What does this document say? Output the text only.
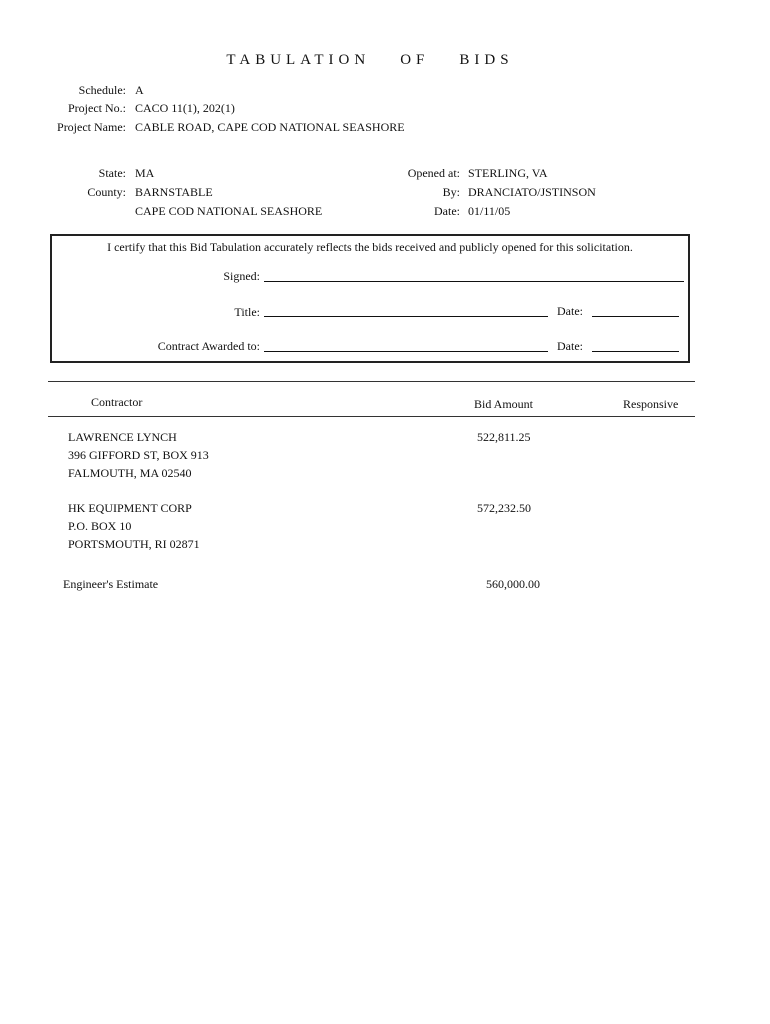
TABULATION OF BIDS
Schedule: A
Project No.: CACO 11(1), 202(1)
Project Name: CABLE ROAD, CAPE COD NATIONAL SEASHORE
State: MA
County: BARNSTABLE
CAPE COD NATIONAL SEASHORE
Opened at: STERLING, VA
By: DRANCIATO/JSTINSON
Date: 01/11/05
I certify that this Bid Tabulation accurately reflects the bids received and publicly opened for this solicitation.
Signed:
Title:	Date:
Contract Awarded to:	Date:
Contractor	Bid Amount	Responsive
LAWRENCE LYNCH
396 GIFFORD ST, BOX 913
FALMOUTH, MA 02540
522,811.25
HK EQUIPMENT CORP
P.O. BOX 10
PORTSMOUTH, RI 02871
572,232.50
Engineer's Estimate	560,000.00
